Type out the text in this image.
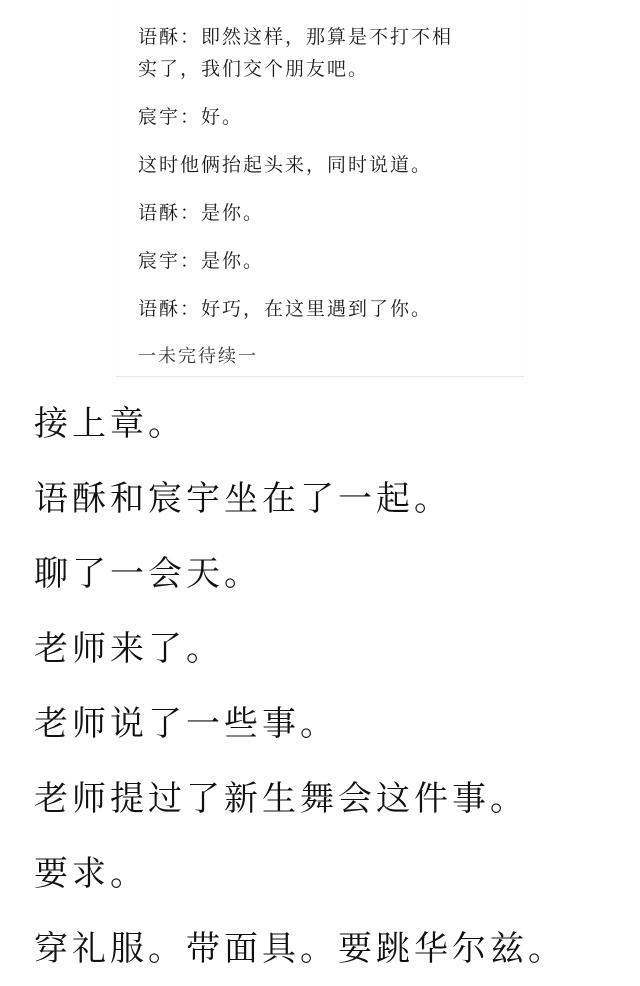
语酥：即然这样，那算是不打不相
实了，我们交个朋友吧。
宸宇：好。
这时他俩抬起头来，同时说道。
语酥：是你。
宸宇：是你。
语酥：好巧，在这里遇到了你。
一未完待续一
接上章。
语酥和宸宇坐在了一起。
聊了一会天。
老师来了。
老师说了一些事。
老师提过了新生舞会这件事。
要求。
穿礼服。带面具。要跳华尔兹。
